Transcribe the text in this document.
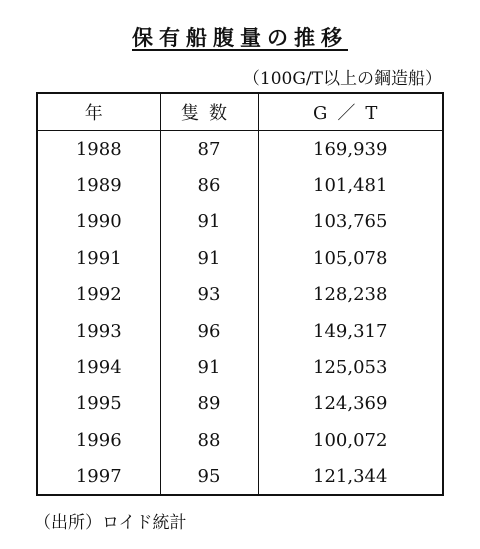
保有船腹量の推移
（100G/T以上の鋼造船）
年	隻数	G／T
1988	87	169,939
1989	86	101,481
1990	91	103,765
1991	91	105,078
1992	93	128,238
1993	96	149,317
1994	91	125,053
1995	89	124,369
1996	88	100,072
1997	95	121,344
（出所）ロイド統計
